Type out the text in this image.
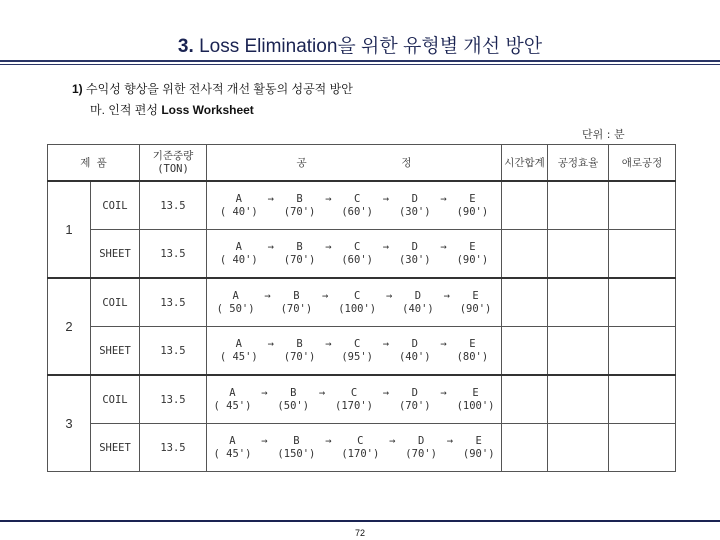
3. Loss Elimination을 위한 유형별 개선 방안
1) 수익성 향상을 위한 전사적 개선 활동의 성공적 방안
마. 인적 편성 Loss Worksheet
단위 : 분
제 품	기준중량
(TON)	공               정	시간합계	공정효율	애로공정
1	COIL	13.5	
A	→	B	→	C	→	D	→	E
( 40') (70') (60') (30') (90')

SHEET	13.5	
A	→	B	→	C	→	D	→	E
( 40') (70') (60') (30') (90')

2	COIL	13.5	
A	→	B	→	C	→	D	→	E
( 50') (70') (100') (40') (90')

SHEET	13.5	
A	→	B	→	C	→	D	→	E
( 45') (70') (95') (40') (80')

3	COIL	13.5	
A	→	B	→	C	→	D	→	E
( 45') (50') (170') (70') (100')

SHEET	13.5	
A	→	B	→	C	→	D	→	E
( 45') (150') (170') (70') (90')

72
